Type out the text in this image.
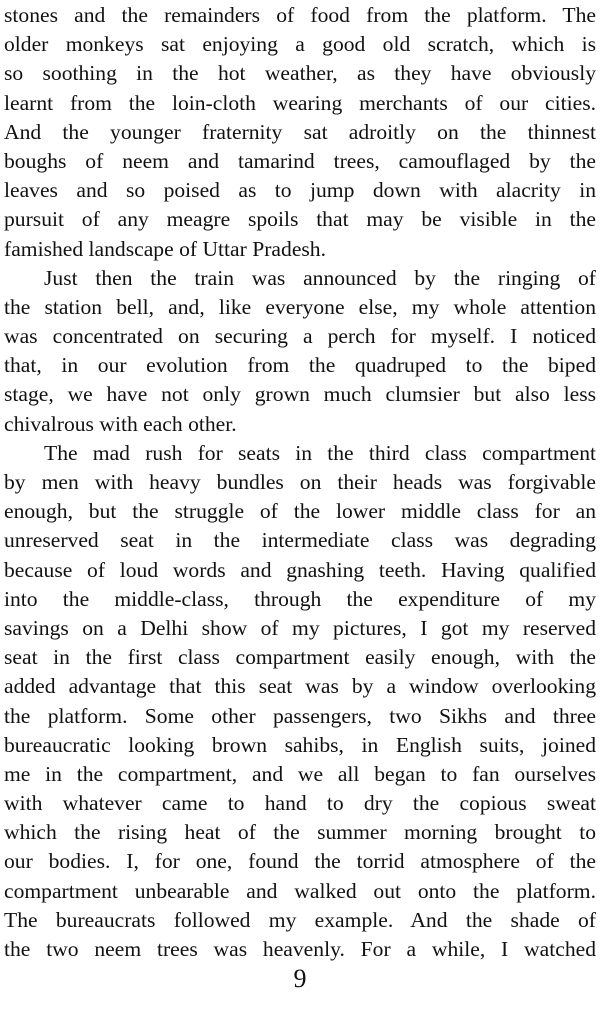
stones and the remainders of food from the platform. The
older monkeys sat enjoying a good old scratch, which is
so soothing in the hot weather, as they have obviously
learnt from the loin-cloth wearing merchants of our cities.
And the younger fraternity sat adroitly on the thinnest
boughs of neem and tamarind trees, camouflaged by the
leaves and so poised as to jump down with alacrity in
pursuit of any meagre spoils that may be visible in the
famished landscape of Uttar Pradesh.
Just then the train was announced by the ringing of
the station bell, and, like everyone else, my whole attention
was concentrated on securing a perch for myself. I noticed
that, in our evolution from the quadruped to the biped
stage, we have not only grown much clumsier but also less
chivalrous with each other.
The mad rush for seats in the third class compartment
by men with heavy bundles on their heads was forgivable
enough, but the struggle of the lower middle class for an
unreserved seat in the intermediate class was degrading
because of loud words and gnashing teeth. Having qualified
into the middle-class, through the expenditure of my
savings on a Delhi show of my pictures, I got my reserved
seat in the first class compartment easily enough, with the
added advantage that this seat was by a window overlooking
the platform. Some other passengers, two Sikhs and three
bureaucratic looking brown sahibs, in English suits, joined
me in the compartment, and we all began to fan ourselves
with whatever came to hand to dry the copious sweat
which the rising heat of the summer morning brought to
our bodies. I, for one, found the torrid atmosphere of the
compartment unbearable and walked out onto the platform.
The bureaucrats followed my example. And the shade of
the two neem trees was heavenly. For a while, I watched
9
